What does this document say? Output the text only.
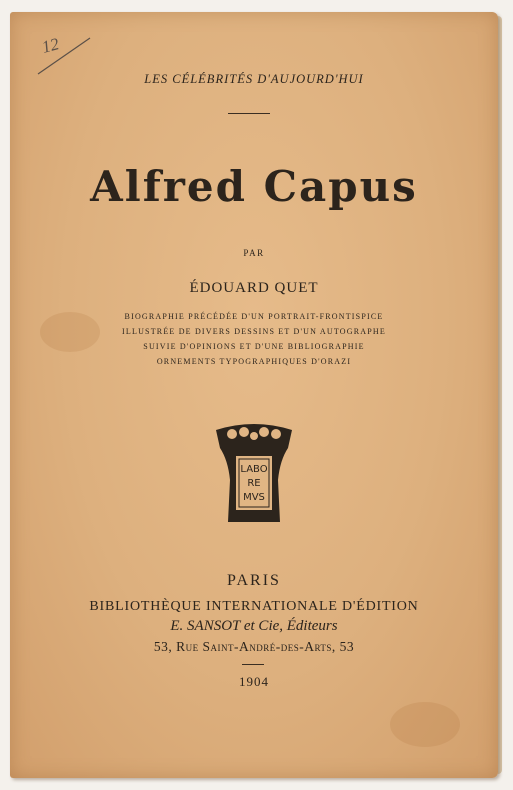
12
LES CÉLÉBRITÉS D'AUJOURD'HUI
Alfred Capus
PAR
ÉDOUARD QUET
BIOGRAPHIE PRÉCÉDÉE D'UN PORTRAIT-FRONTISPICE
ILLUSTRÉE DE DIVERS DESSINS ET D'UN AUTOGRAPHE
SUIVIE D'OPINIONS ET D'UNE BIBLIOGRAPHIE
ORNEMENTS TYPOGRAPHIQUES D'ORAZI
LABO
RE
MVS
PARIS
BIBLIOTHÈQUE INTERNATIONALE D'ÉDITION
E. SANSOT et Cie, Éditeurs
53, Rue Saint-André-des-Arts, 53
1904
